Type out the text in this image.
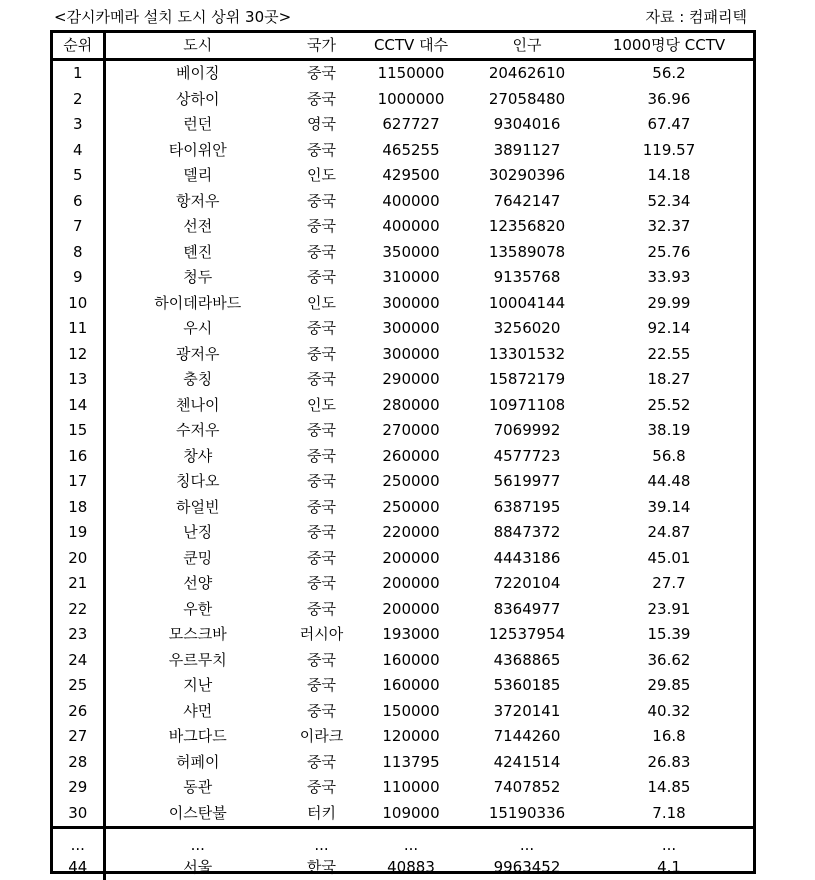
<감시카메라 설치 도시 상위 30곳>	자료 : 컴패리텍
순위	도시	국가	CCTV 대수	인구	1000명당 CCTV
1	베이징	중국	1150000	20462610	56.2
2	상하이	중국	1000000	27058480	36.96
3	런던	영국	627727	9304016	67.47
4	타이위안	중국	465255	3891127	119.57
5	델리	인도	429500	30290396	14.18
6	항저우	중국	400000	7642147	52.34
7	선전	중국	400000	12356820	32.37
8	톈진	중국	350000	13589078	25.76
9	청두	중국	310000	9135768	33.93
10	하이데라바드	인도	300000	10004144	29.99
11	우시	중국	300000	3256020	92.14
12	광저우	중국	300000	13301532	22.55
13	충칭	중국	290000	15872179	18.27
14	첸나이	인도	280000	10971108	25.52
15	수저우	중국	270000	7069992	38.19
16	창샤	중국	260000	4577723	56.8
17	칭다오	중국	250000	5619977	44.48
18	하얼빈	중국	250000	6387195	39.14
19	난징	중국	220000	8847372	24.87
20	쿤밍	중국	200000	4443186	45.01
21	선양	중국	200000	7220104	27.7
22	우한	중국	200000	8364977	23.91
23	모스크바	러시아	193000	12537954	15.39
24	우르무치	중국	160000	4368865	36.62
25	지난	중국	160000	5360185	29.85
26	샤먼	중국	150000	3720141	40.32
27	바그다드	이라크	120000	7144260	16.8
28	허페이	중국	113795	4241514	26.83
29	동관	중국	110000	7407852	14.85
30	이스탄불	터키	109000	15190336	7.18
...	...	...	...	...	...
44	서울	한국	40883	9963452	4.1
